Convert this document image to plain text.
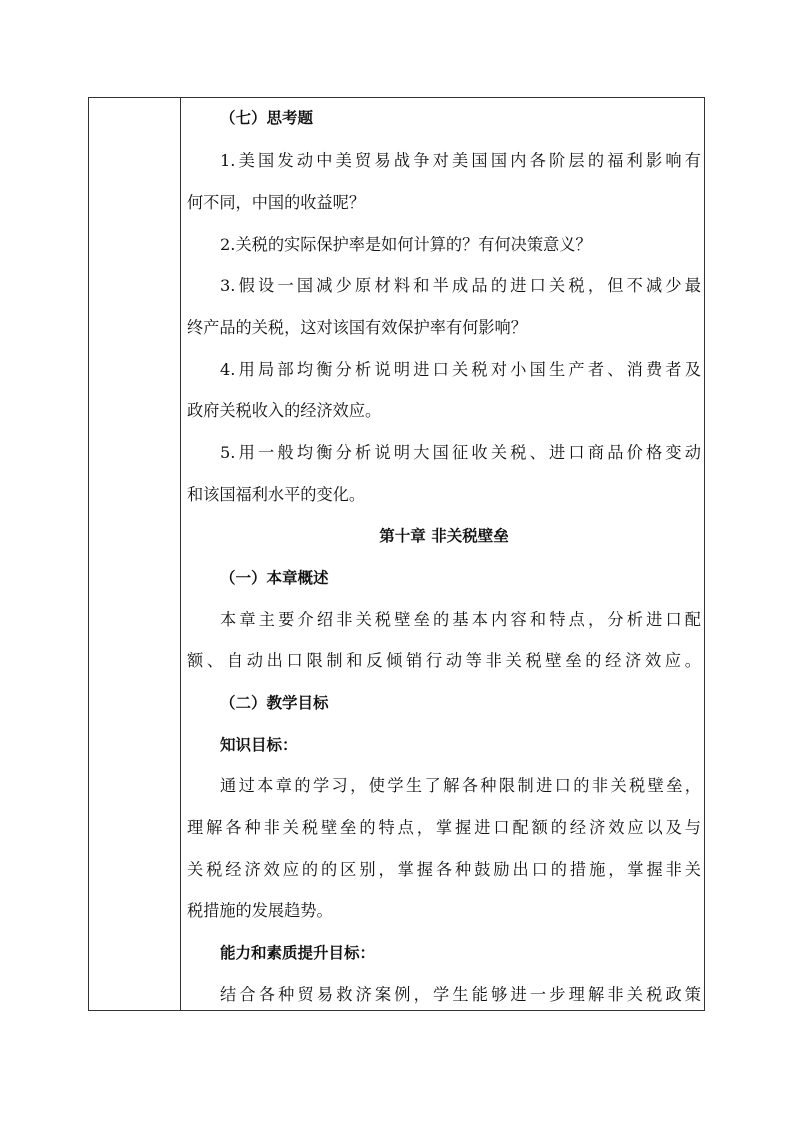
（七）思考题
1.美国发动中美贸易战争对美国国内各阶层的福利影响有
何不同，中国的收益呢？
2.关税的实际保护率是如何计算的？有何决策意义？
3.假设一国减少原材料和半成品的进口关税，但不减少最
终产品的关税，这对该国有效保护率有何影响？
4.用局部均衡分析说明进口关税对小国生产者、消费者及
政府关税收入的经济效应。
5.用一般均衡分析说明大国征收关税、进口商品价格变动
和该国福利水平的变化。
第十章 非关税壁垒
（一）本章概述
本章主要介绍非关税壁垒的基本内容和特点，分析进口配
额、自动出口限制和反倾销行动等非关税壁垒的经济效应。
（二）教学目标
知识目标：
通过本章的学习，使学生了解各种限制进口的非关税壁垒，
理解各种非关税壁垒的特点，掌握进口配额的经济效应以及与
关税经济效应的的区别，掌握各种鼓励出口的措施，掌握非关
税措施的发展趋势。
能力和素质提升目标：
结合各种贸易救济案例，学生能够进一步理解非关税政策
